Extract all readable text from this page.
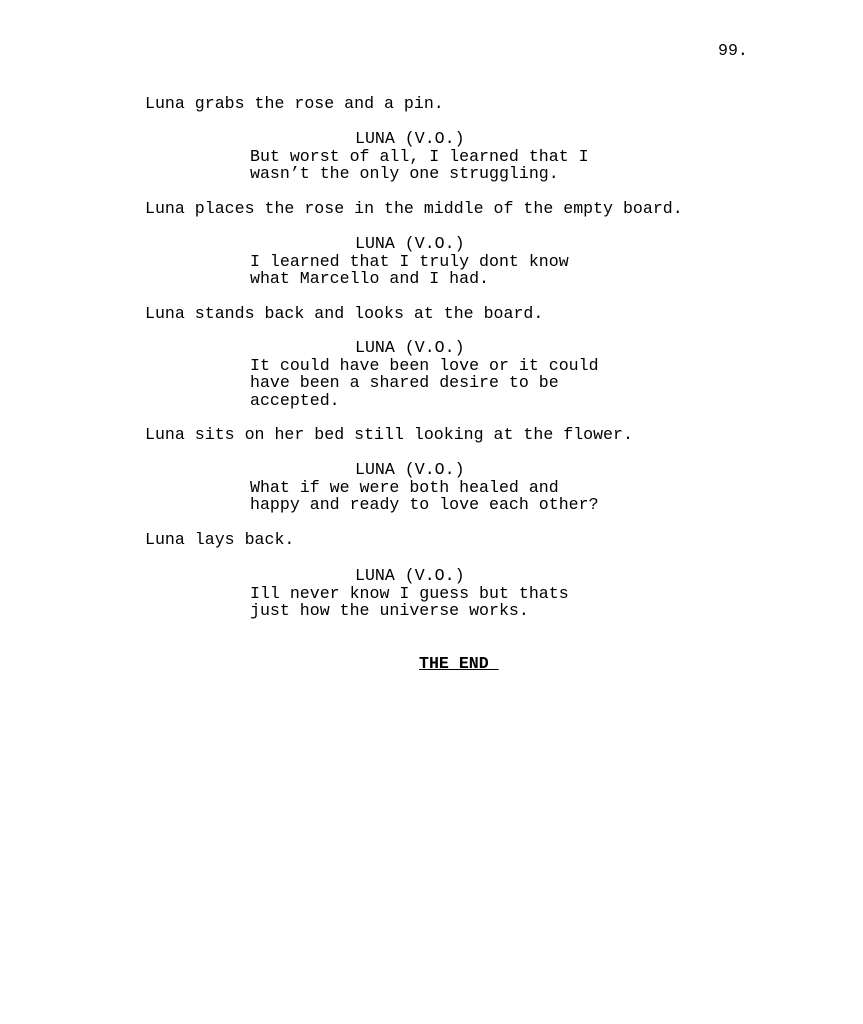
99.
Luna grabs the rose and a pin.
LUNA (V.O.)
But worst of all, I learned that I
wasn’t the only one struggling.
Luna places the rose in the middle of the empty board.
LUNA (V.O.)
I learned that I truly dont know
what Marcello and I had.
Luna stands back and looks at the board.
LUNA (V.O.)
It could have been love or it could
have been a shared desire to be
accepted.
Luna sits on her bed still looking at the flower.
LUNA (V.O.)
What if we were both healed and
happy and ready to love each other?
Luna lays back.
LUNA (V.O.)
Ill never know I guess but thats
just how the universe works.
THE END
